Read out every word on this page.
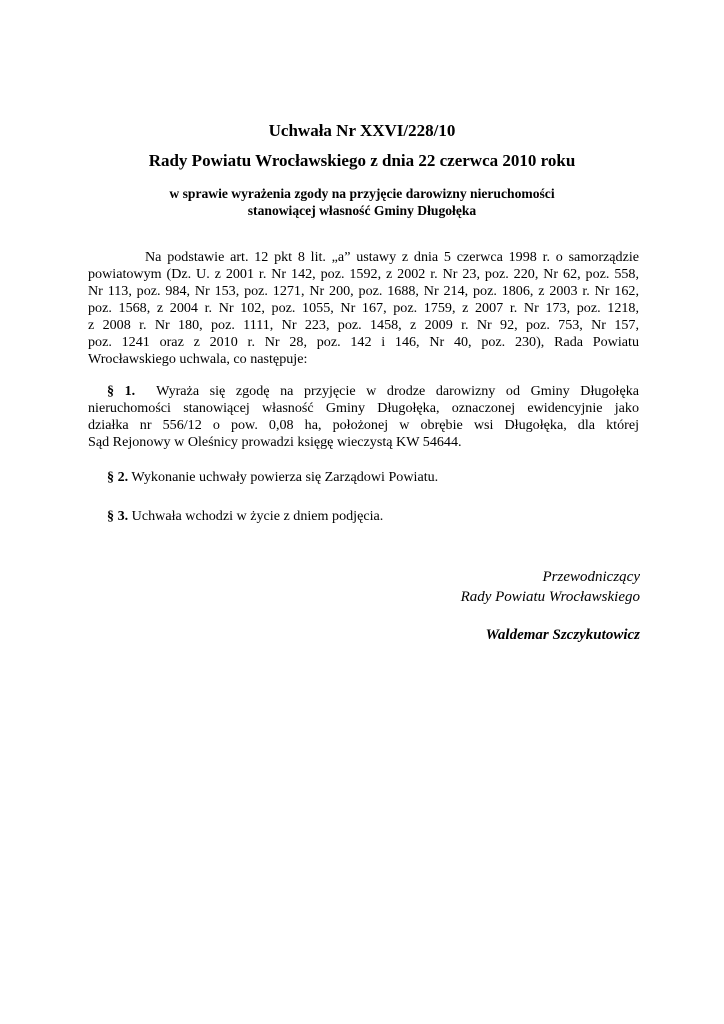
Uchwała Nr XXVI/228/10
Rady Powiatu Wrocławskiego z dnia 22 czerwca 2010 roku
w sprawie wyrażenia zgody na przyjęcie darowizny nieruchomości
stanowiącej własność Gminy Długołęka
Na podstawie art. 12 pkt 8 lit. „a” ustawy z dnia 5 czerwca 1998 r. o samorządzie
powiatowym (Dz. U. z 2001 r. Nr 142, poz. 1592, z 2002 r. Nr 23, poz. 220, Nr 62, poz. 558,
Nr 113, poz. 984, Nr 153, poz. 1271, Nr 200, poz. 1688, Nr 214, poz. 1806, z 2003 r. Nr 162,
poz. 1568, z 2004 r. Nr 102, poz. 1055, Nr 167, poz. 1759, z 2007 r. Nr 173, poz. 1218,
z 2008 r. Nr 180, poz. 1111, Nr 223, poz. 1458, z 2009 r. Nr 92, poz. 753, Nr 157,
poz. 1241 oraz z 2010 r. Nr 28, poz. 142 i 146, Nr 40, poz. 230), Rada Powiatu
Wrocławskiego uchwala, co następuje:
§ 1. Wyraża się zgodę na przyjęcie w drodze darowizny od Gminy Długołęka
nieruchomości stanowiącej własność Gminy Długołęka, oznaczonej ewidencyjnie jako
działka nr 556/12 o pow. 0,08 ha, położonej w obrębie wsi Długołęka, dla której
Sąd Rejonowy w Oleśnicy prowadzi księgę wieczystą KW 54644.
§ 2. Wykonanie uchwały powierza się Zarządowi Powiatu.
§ 3. Uchwała wchodzi w życie z dniem podjęcia.
Przewodniczący
Rady Powiatu Wrocławskiego
Waldemar Szczykutowicz
